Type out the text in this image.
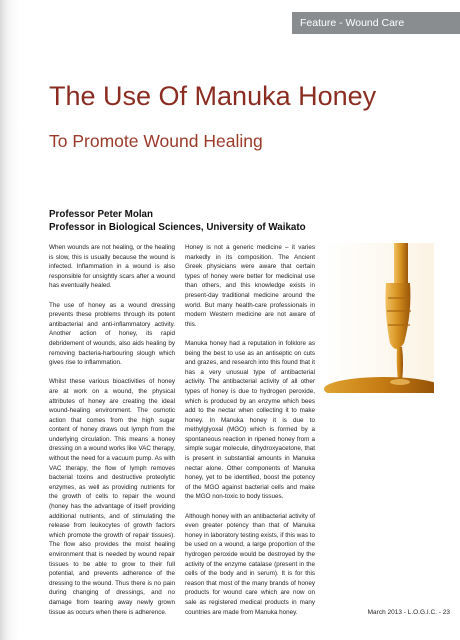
Feature - Wound Care
The Use Of Manuka Honey
To Promote Wound Healing
Professor Peter Molan
Professor in Biological Sciences, University of Waikato

When wounds are not healing, or the healing is slow, this is usually because the wound is infected. Inflammation in a wound is also responsible for unsightly scars after a wound has eventually healed.

The use of honey as a wound dressing prevents these problems through its potent antibacterial and anti-inflammatory activity. Another action of honey, its rapid debridement of wounds, also aids healing by removing bacteria-harbouring slough which gives rise to inflammation.

Whilst these various bioactivities of honey are at work on a wound, the physical attributes of honey are creating the ideal wound-healing environment. The osmotic action that comes from the high sugar content of honey draws out lymph from the underlying circulation. This means a honey dressing on a wound works like VAC therapy, without the need for a vacuum pump. As with VAC therapy, the flow of lymph removes bacterial toxins and destructive proteolytic enzymes, as well as providing nutrients for the growth of cells to repair the wound (honey has the advantage of itself providing additional nutrients, and of stimulating the release from leukocytes of growth factors which promote the growth of repair tissues). The flow also provides the moist healing environment that is needed by wound repair tissues to be able to grow to their full potential, and prevents adherence of the dressing to the wound. Thus there is no pain during changing of dressings, and no damage from tearing away newly grown tissue as occurs when there is adherence.

Honey is not a generic medicine – it varies markedly in its composition. The Ancient Greek physicians were aware that certain types of honey were better for medicinal use than others, and this knowledge exists in present-day traditional medicine around the world. But many health-care professionals in modern Western medicine are not aware of this.

Manuka honey had a reputation in folklore as being the best to use as an antiseptic on cuts and grazes, and research into this found that it has a very unusual type of antibacterial activity. The antibacterial activity of all other types of honey is due to hydrogen peroxide, which is produced by an enzyme which bees add to the nectar when collecting it to make honey. In Manuka honey it is due to methylglyoxal (MGO) which is formed by a spontaneous reaction in ripened honey from a simple sugar molecule, dihydroxyacetone, that is present in substantial amounts in Manuka nectar alone. Other components of Manuka honey, yet to be identified, boost the potency of the MGO against bacterial cells and make the MGO non-toxic to body tissues.

Although honey with an antibacterial activity of even greater potency than that of Manuka honey in laboratory testing exists, if this was to be used on a wound, a large proportion of the hydrogen peroxide would be destroyed by the activity of the enzyme catalase (present in the cells of the body and in serum). It is for this reason that most of the many brands of honey products for wound care which are now on sale as registered medical products in many countries are made from Manuka honey.	March 2013 - L.O.G.I.C. - 23
